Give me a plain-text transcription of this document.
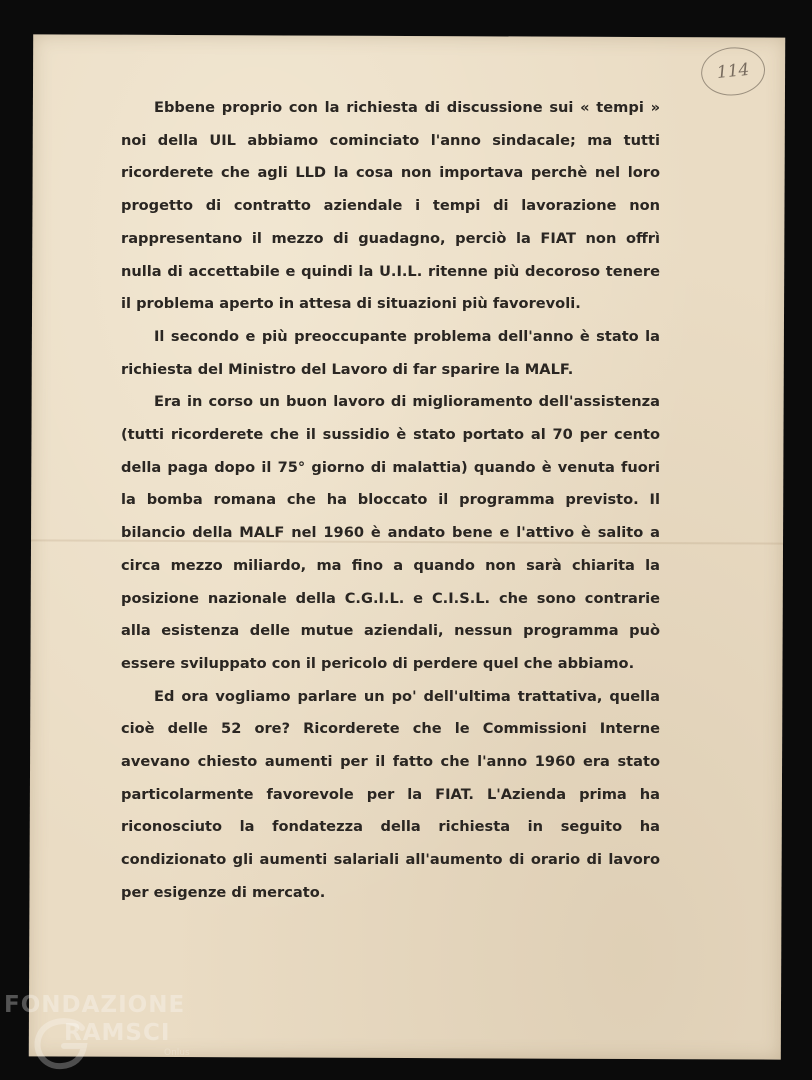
114

Ebbene proprio con la richiesta di discussione sui « tempi » noi della UIL abbiamo cominciato l'anno sindacale; ma tutti ricorderete che agli LLD la cosa non importava perchè nel loro progetto di contratto aziendale i tempi di lavorazione non rappresentano il mezzo di guadagno, perciò la FIAT non offrì nulla di accettabile e quindi la U.I.L. ritenne più decoroso tenere il problema aperto in attesa di situazioni più favorevoli.

Il secondo e più preoccupante problema dell'anno è stato la richiesta del Ministro del Lavoro di far sparire la MALF.

Era in corso un buon lavoro di miglioramento dell'assistenza (tutti ricorderete che il sussidio è stato portato al 70 per cento della paga dopo il 75° giorno di malattia) quando è venuta fuori la bomba romana che ha bloccato il programma previsto. Il bilancio della MALF nel 1960 è andato bene e l'attivo è salito a circa mezzo miliardo, ma fino a quando non sarà chiarita la posizione nazionale della C.G.I.L. e C.I.S.L. che sono contrarie alla esistenza delle mutue aziendali, nessun programma può essere sviluppato con il pericolo di perdere quel che abbiamo.

Ed ora vogliamo parlare un po' dell'ultima trattativa, quella cioè delle 52 ore? Ricorderete che le Commissioni Interne avevano chiesto aumenti per il fatto che l'anno 1960 era stato particolarmente favorevole per la FIAT. L'Azienda prima ha riconosciuto la fondatezza della richiesta in seguito ha condizionato gli aumenti salariali all'aumento di orario di lavoro per esigenze di mercato.

FONDAZIONE
RAMSCI
Onlus
